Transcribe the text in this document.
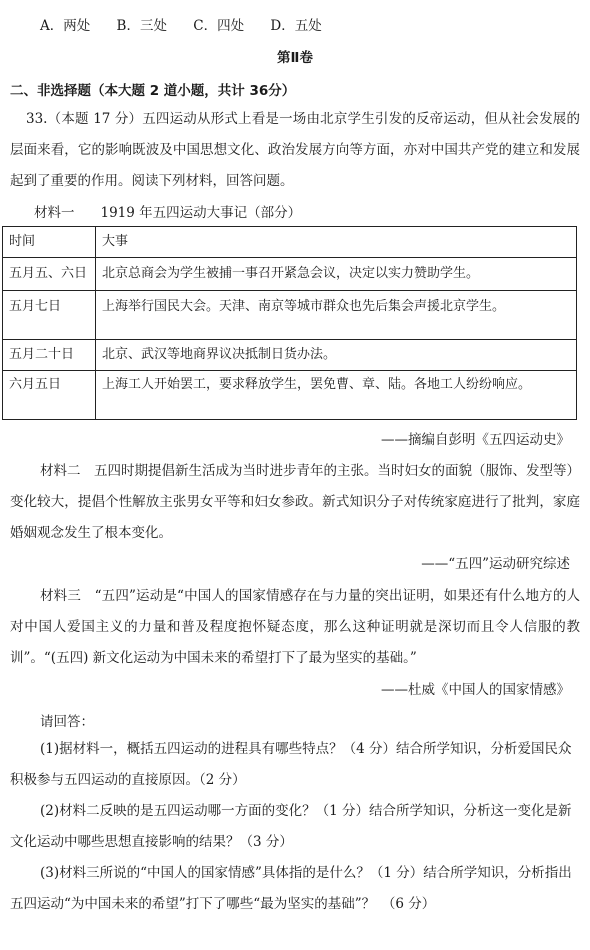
A．两处 B．三处 C．四处 D．五处
第Ⅱ卷
二、非选择题（本大题 2 道小题，共计 36分）
33.（本题 17 分）五四运动从形式上看是一场由北京学生引发的反帝运动，但从社会发展的层面来看，它的影响既波及中国思想文化、政治发展方向等方面，亦对中国共产党的建立和发展起到了重要的作用。阅读下列材料，回答问题。
材料一 1919 年五四运动大事记（部分）
时间	大事
五月五、六日	北京总商会为学生被捕一事召开紧急会议，决定以实力赞助学生。
五月七日	上海举行国民大会。天津、南京等城市群众也先后集会声援北京学生。
五月二十日	北京、武汉等地商界议决抵制日货办法。
六月五日	上海工人开始罢工，要求释放学生，罢免曹、章、陆。各地工人纷纷响应。
——摘编自彭明《五四运动史》
材料二　五四时期提倡新生活成为当时进步青年的主张。当时妇女的面貌（服饰、发型等）变化较大，提倡个性解放主张男女平等和妇女参政。新式知识分子对传统家庭进行了批判，家庭婚姻观念发生了根本变化。
——“五四”运动研究综述
材料三　“五四”运动是“中国人的国家情感存在与力量的突出证明，如果还有什么地方的人对中国人爱国主义的力量和普及程度抱怀疑态度，那么这种证明就是深切而且令人信服的教训”。“(五四) 新文化运动为中国未来的希望打下了最为坚实的基础。”
——杜威《中国人的国家情感》
请回答：
(1)据材料一，概括五四运动的进程具有哪些特点？（4 分）结合所学知识，分析爱国民众积极参与五四运动的直接原因。（2 分）
(2)材料二反映的是五四运动哪一方面的变化？（1 分）结合所学知识，分析这一变化是新文化运动中哪些思想直接影响的结果？（3 分）
(3)材料三所说的“中国人的国家情感”具体指的是什么？（1 分）结合所学知识，分析指出五四运动“为中国未来的希望”打下了哪些“最为坚实的基础”？　（6 分）
